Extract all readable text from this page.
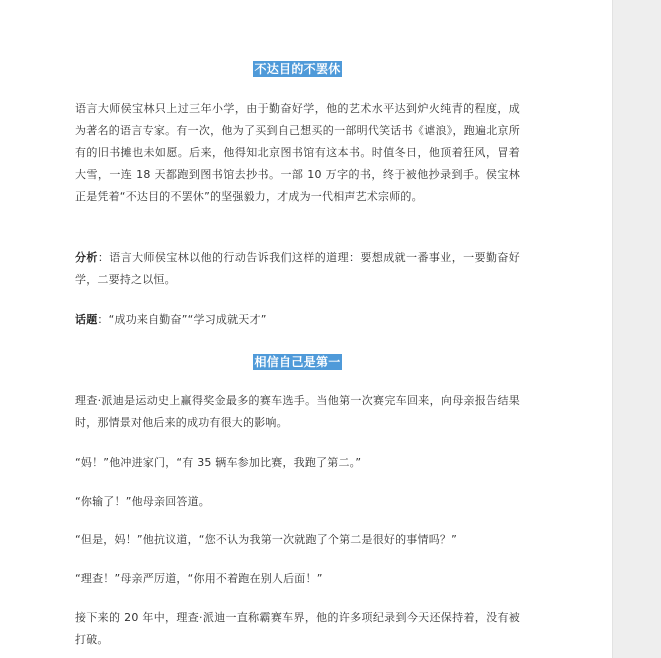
不达目的不罢休

语言大师侯宝林只上过三年小学，由于勤奋好学，他的艺术水平达到炉火纯青的程度，成为著名的语言专家。有一次，他为了买到自己想买的一部明代笑话书《谑浪》，跑遍北京所有的旧书摊也未如愿。后来，他得知北京图书馆有这本书。时值冬日，他顶着狂风，冒着大雪，一连 18 天都跑到图书馆去抄书。一部 10 万字的书，终于被他抄录到手。侯宝林正是凭着“不达目的不罢休”的坚强毅力，才成为一代相声艺术宗师的。

分析：语言大师侯宝林以他的行动告诉我们这样的道理：要想成就一番事业，一要勤奋好学，二要持之以恒。

话题：“成功来自勤奋”“学习成就天才”

相信自己是第一

理查·派迪是运动史上赢得奖金最多的赛车选手。当他第一次赛完车回来，向母亲报告结果时，那情景对他后来的成功有很大的影响。

“妈！”他冲进家门，“有 35 辆车参加比赛，我跑了第二。”

“你输了！”他母亲回答道。

“但是，妈！”他抗议道，“您不认为我第一次就跑了个第二是很好的事情吗？”

“理查！”母亲严厉道，“你用不着跑在别人后面！”

接下来的 20 年中，理查·派迪一直称霸赛车界，他的许多项纪录到今天还保持着，没有被打破。
